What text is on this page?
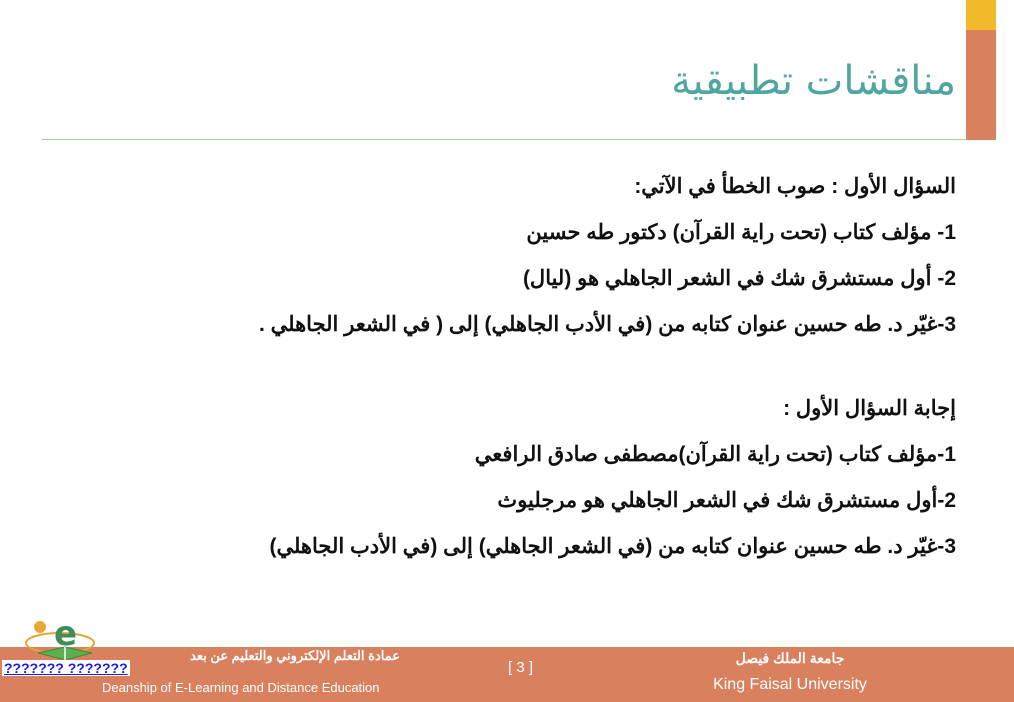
مناقشات تطبيقية
السؤال الأول : صوب الخطأ في الآتي:
1- مؤلف كتاب (تحت راية القرآن) دكتور طه حسين
2- أول مستشرق شك في الشعر الجاهلي هو (ليال)
3-غيّر د. طه حسين عنوان كتابه من (في الأدب الجاهلي) إلى ( في الشعر الجاهلي .
إجابة السؤال الأول :
1-مؤلف كتاب (تحت راية القرآن)مصطفى صادق الرافعي
2-أول مستشرق شك في الشعر الجاهلي هو مرجليوث
3-غيّر د. طه حسين عنوان كتابه من (في الشعر الجاهلي) إلى (في الأدب الجاهلي)
e
??????? ???????
عمادة التعلم الإلكتروني والتعليم عن بعد
Deanship of E-Learning and Distance Education
[ 3 ]
جامعة الملك فيصل
King Faisal University
